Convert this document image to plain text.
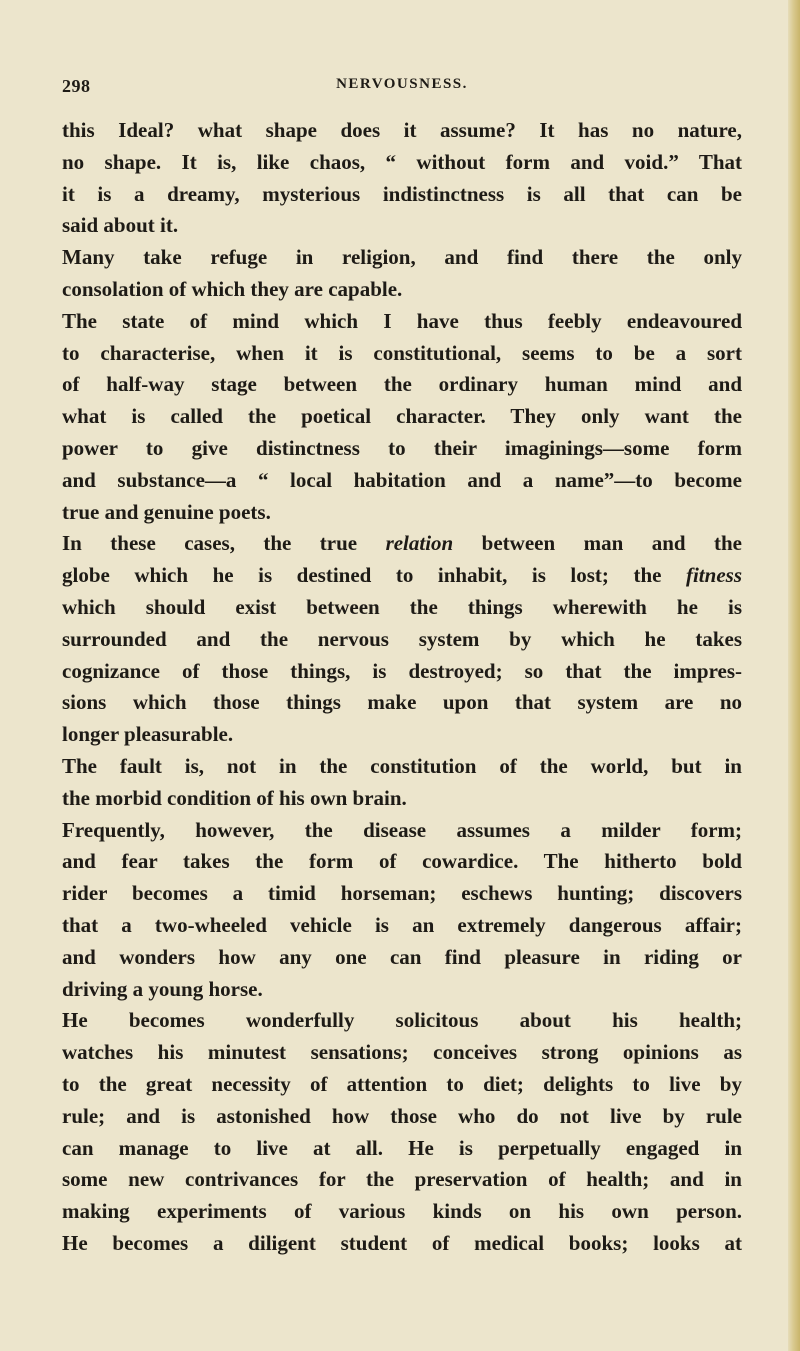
298	NERVOUSNESS.
this Ideal? what shape does it assume? It has no nature,
no shape. It is, like chaos, “ without form and void.” That
it is a dreamy, mysterious indistinctness is all that can be
said about it.
Many take refuge in religion, and find there the only
consolation of which they are capable.
The state of mind which I have thus feebly endeavoured
to characterise, when it is constitutional, seems to be a sort
of half-way stage between the ordinary human mind and
what is called the poetical character. They only want the
power to give distinctness to their imaginings—some form
and substance—a “ local habitation and a name”—to become
true and genuine poets.
In these cases, the true relation between man and the
globe which he is destined to inhabit, is lost; the fitness
which should exist between the things wherewith he is
surrounded and the nervous system by which he takes
cognizance of those things, is destroyed; so that the impres-
sions which those things make upon that system are no
longer pleasurable.
The fault is, not in the constitution of the world, but in
the morbid condition of his own brain.
Frequently, however, the disease assumes a milder form;
and fear takes the form of cowardice. The hitherto bold
rider becomes a timid horseman; eschews hunting; discovers
that a two-wheeled vehicle is an extremely dangerous affair;
and wonders how any one can find pleasure in riding or
driving a young horse.
He becomes wonderfully solicitous about his health;
watches his minutest sensations; conceives strong opinions as
to the great necessity of attention to diet; delights to live by
rule; and is astonished how those who do not live by rule
can manage to live at all. He is perpetually engaged in
some new contrivances for the preservation of health; and in
making experiments of various kinds on his own person.
He becomes a diligent student of medical books; looks at
